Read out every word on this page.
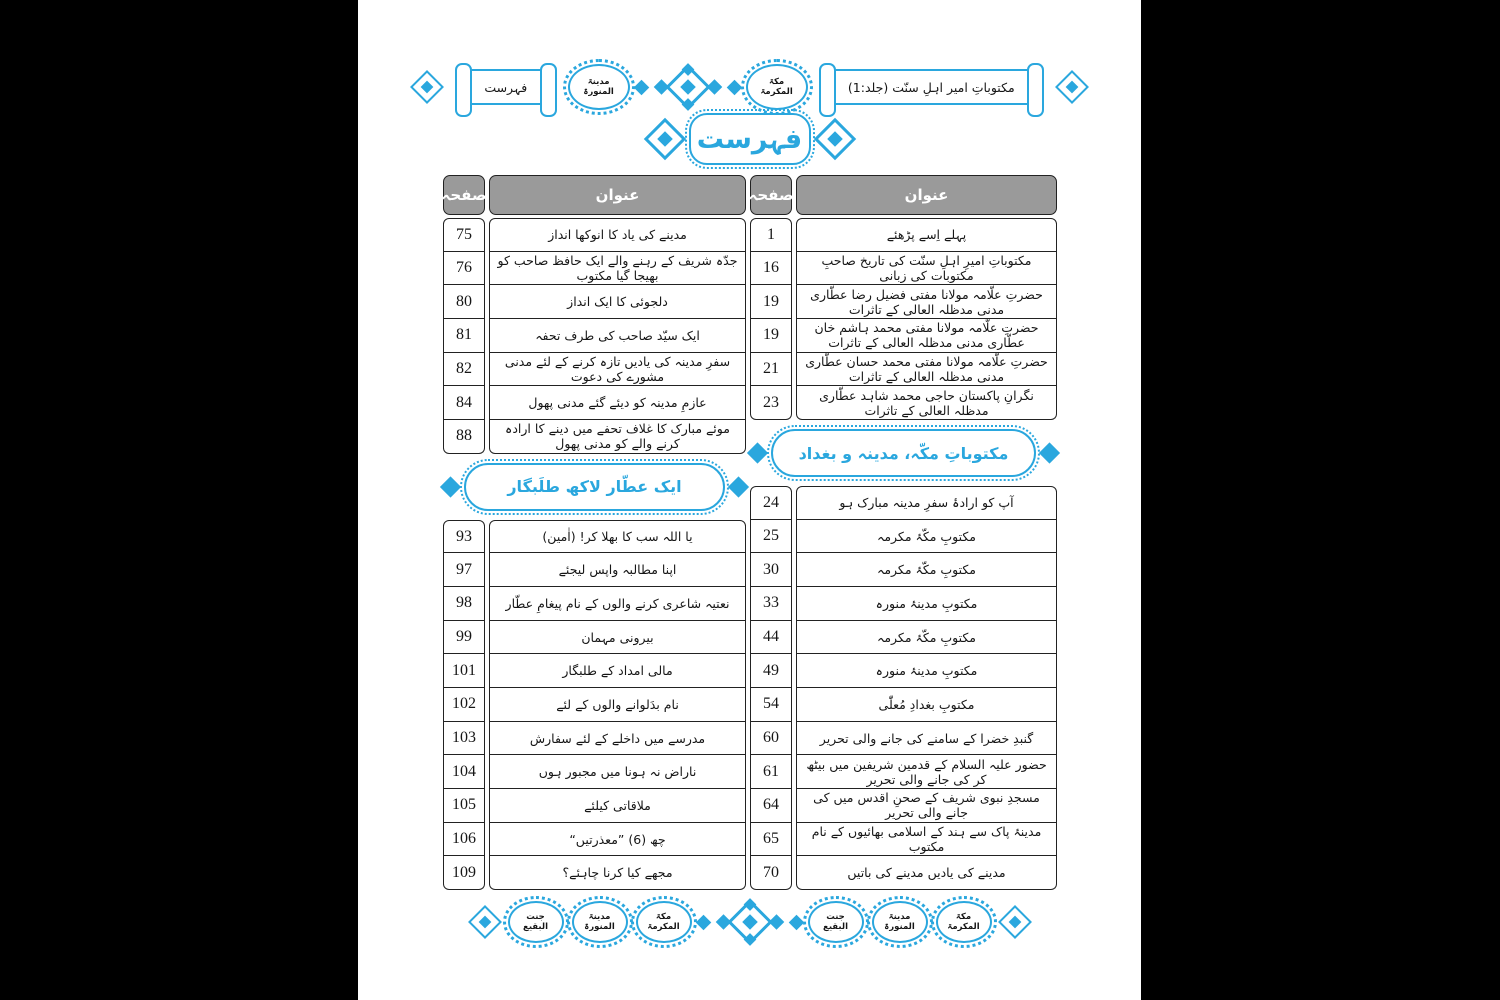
فہرست	مدینۃ
المنورۃ
مکۃ
المکرمۃ	مکتوباتِ امیر اہلِ سنّت (جلد:1)
فہرست
صفحہ	عنوان
75	مدینے کی یاد کا انوکھا انداز
76	جدّہ شریف کے رہنے والے ایک حافظ صاحب کو بھیجا گیا مکتوب
80	دلجوئی کا ایک انداز
81	ایک سیّد صاحب کی طرف تحفہ
82	سفرِ مدینہ کی یادیں تازہ کرنے کے لئے مدنی مشورے کی دعوت
84	عازمِ مدینہ کو دیئے گئے مدنی پھول
88	موئے مبارک کا غلاف تحفے میں دینے کا ارادہ کرنے والے کو مدنی پھول
ایک عطّار لاکھ طلَبگار
93	یا اللہ سب کا بھلا کر! (اٰمین)
97	اپنا مطالبہ واپس لیجئے
98	نعتیہ شاعری کرنے والوں کے نام پیغامِ عطّار
99	بیرونی مہمان
101	مالی امداد کے طلبگار
102	نام بدَلوانے والوں کے لئے
103	مدرسے میں داخلے کے لئے سفارش
104	ناراض نہ ہونا میں مجبور ہوں
105	ملاقاتی کیلئے
106	چھ (6) ”معذرتیں“
109	مجھے کیا کرنا چاہئے؟
صفحہ	عنوان
1	پہلے اِسے پڑھئے
16	مکتوباتِ امیرِ اہلِ سنّت کی تاریخ صاحبِ مکتوبات کی زبانی
19	حضرتِ علّامہ مولانا مفتی فضیل رضا عطّاری مدنی مدظلہ العالی کے تاثرات
19	حضرتِ علّامہ مولانا مفتی محمد ہاشم خان عطّاری مدنی مدظلہ العالی کے تاثرات
21	حضرتِ علّامہ مولانا مفتی محمد حسان عطّاری مدنی مدظلہ العالی کے تاثرات
23	نگرانِ پاکستان حاجی محمد شاہد عطّاری مدظلہ العالی کے تاثرات
مکتوباتِ مکّہ، مدینہ و بغداد
24	آپ کو ارادۂ سفرِ مدینہ مبارک ہو
25	مکتوبِ مکّۂ مکرمہ
30	مکتوبِ مکّۂ مکرمہ
33	مکتوبِ مدینۂ منورہ
44	مکتوبِ مکّۂ مکرمہ
49	مکتوبِ مدینۂ منورہ
54	مکتوبِ بغدادِ مُعلّٰی
60	گنبدِ خضرا کے سامنے کی جانے والی تحریر
61	حضور علیہ السلام کے قدمین شریفین میں بیٹھ کر کی جانے والی تحریر
64	مسجدِ نبوی شریف کے صحنِ اقدس میں کی جانے والی تحریر
65	مدینۂ پاک سے ہند کے اسلامی بھائیوں کے نام مکتوب
70	مدینے کی یادیں مدینے کی باتیں
جنت
البقیع
مدینۃ
المنورۃ
مکۃ
المکرمۃ
جنت
البقیع
مدینۃ
المنورۃ
مکۃ
المکرمۃ
